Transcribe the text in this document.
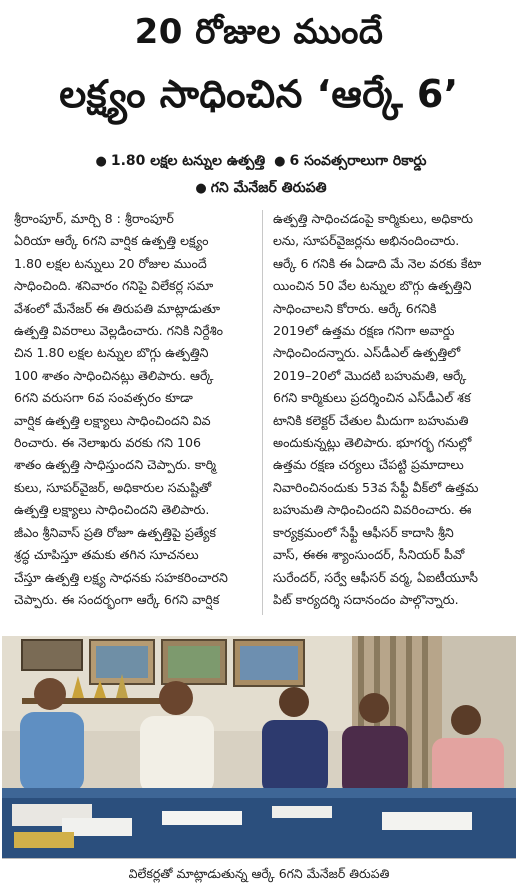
20 రోజుల ముందే
లక్ష్యం సాధించిన ‘ఆర్కే 6’
● 1.80 లక్షల టన్నుల ఉత్పత్తి ● 6 సంవత్సరాలుగా రికార్డు
● గని మేనేజర్ తిరుపతి
శ్రీరాంపూర్, మార్చి 8 : శ్రీరాంపూర్
ఏరియా ఆర్కే 6గని వార్షిక ఉత్పత్తి లక్ష్యం
1.80 లక్షల టన్నులు 20 రోజుల ముందే
సాధించింది. శనివారం గనిపై విలేకర్ల సమా
వేశంలో మేనేజర్ ఈ తిరుపతి మాట్లాడుతూ
ఉత్పత్తి వివరాలు వెల్లడించారు. గనికి నిర్దేశిం
చిన 1.80 లక్షల టన్నుల బొగ్గు ఉత్పత్తిని
100 శాతం సాధించినట్లు తెలిపారు. ఆర్కే
6గని వరుసగా 6వ సంవత్సరం కూడా
వార్షిక ఉత్పత్తి లక్ష్యాలు సాధించిందని వివ
రించారు. ఈ నెలాఖరు వరకు గని 106
శాతం ఉత్పత్తి సాధిస్తుందని చెప్పారు. కార్మి
కులు, సూపర్‌వైజర్, అధికారుల సమష్టితో
ఉత్పత్తి లక్ష్యాలు సాధించిందని తెలిపారు.
జీఎం శ్రీనివాస్ ప్రతి రోజూ ఉత్పత్తిపై ప్రత్యేక
శ్రద్ధ చూపిస్తూ తమకు తగిన సూచనలు
చేస్తూ ఉత్పత్తి లక్ష్య సాధనకు సహకరించారని
చెప్పారు. ఈ సందర్భంగా ఆర్కే 6గని వార్షిక
ఉత్పత్తి సాధించడంపై కార్మికులు, అధికారు
లను, సూపర్‌వైజర్లను అభినందించారు.
ఆర్కే 6 గనికి ఈ ఏడాది మే నెల వరకు కేటా
యించిన 50 వేల టన్నుల బొగ్గు ఉత్పత్తిని
సాధించాలని కోరారు. ఆర్కే 6గనికి
2019లో ఉత్తమ రక్షణ గనిగా అవార్డు
సాధించిందన్నారు. ఎస్‌డీఎల్ ఉత్పత్తిలో
2019–20లో మొదటి బహుమతి, ఆర్కే
6గని కార్మికులు ప్రదర్శించిన ఎస్‌డీఎల్ శక
టానికి కలెక్టర్ చేతుల మీదుగా బహుమతి
అందుకున్నట్లు తెలిపారు. భూగర్భ గనుల్లో
ఉత్తమ రక్షణ చర్యలు చేపట్టి ప్రమాదాలు
నివారించినందుకు 53వ సేఫ్టీ వీక్‌లో ఉత్తమ
బహుమతి సాధించిందని వివరించారు. ఈ
కార్యక్రమంలో సేఫ్టీ ఆఫీసర్ కాదాసి శ్రీని
వాస్, ఈఈ శ్యాంసుందర్, సీనియర్ పీవో
సురేందర్, సర్వే ఆఫీసర్ వర్మ, ఏఐటీయూసీ
పిట్ కార్యదర్శి సదానందం పాల్గొన్నారు.
విలేకర్లతో మాట్లాడుతున్న ఆర్కే 6గని మేనేజర్ తిరుపతి
